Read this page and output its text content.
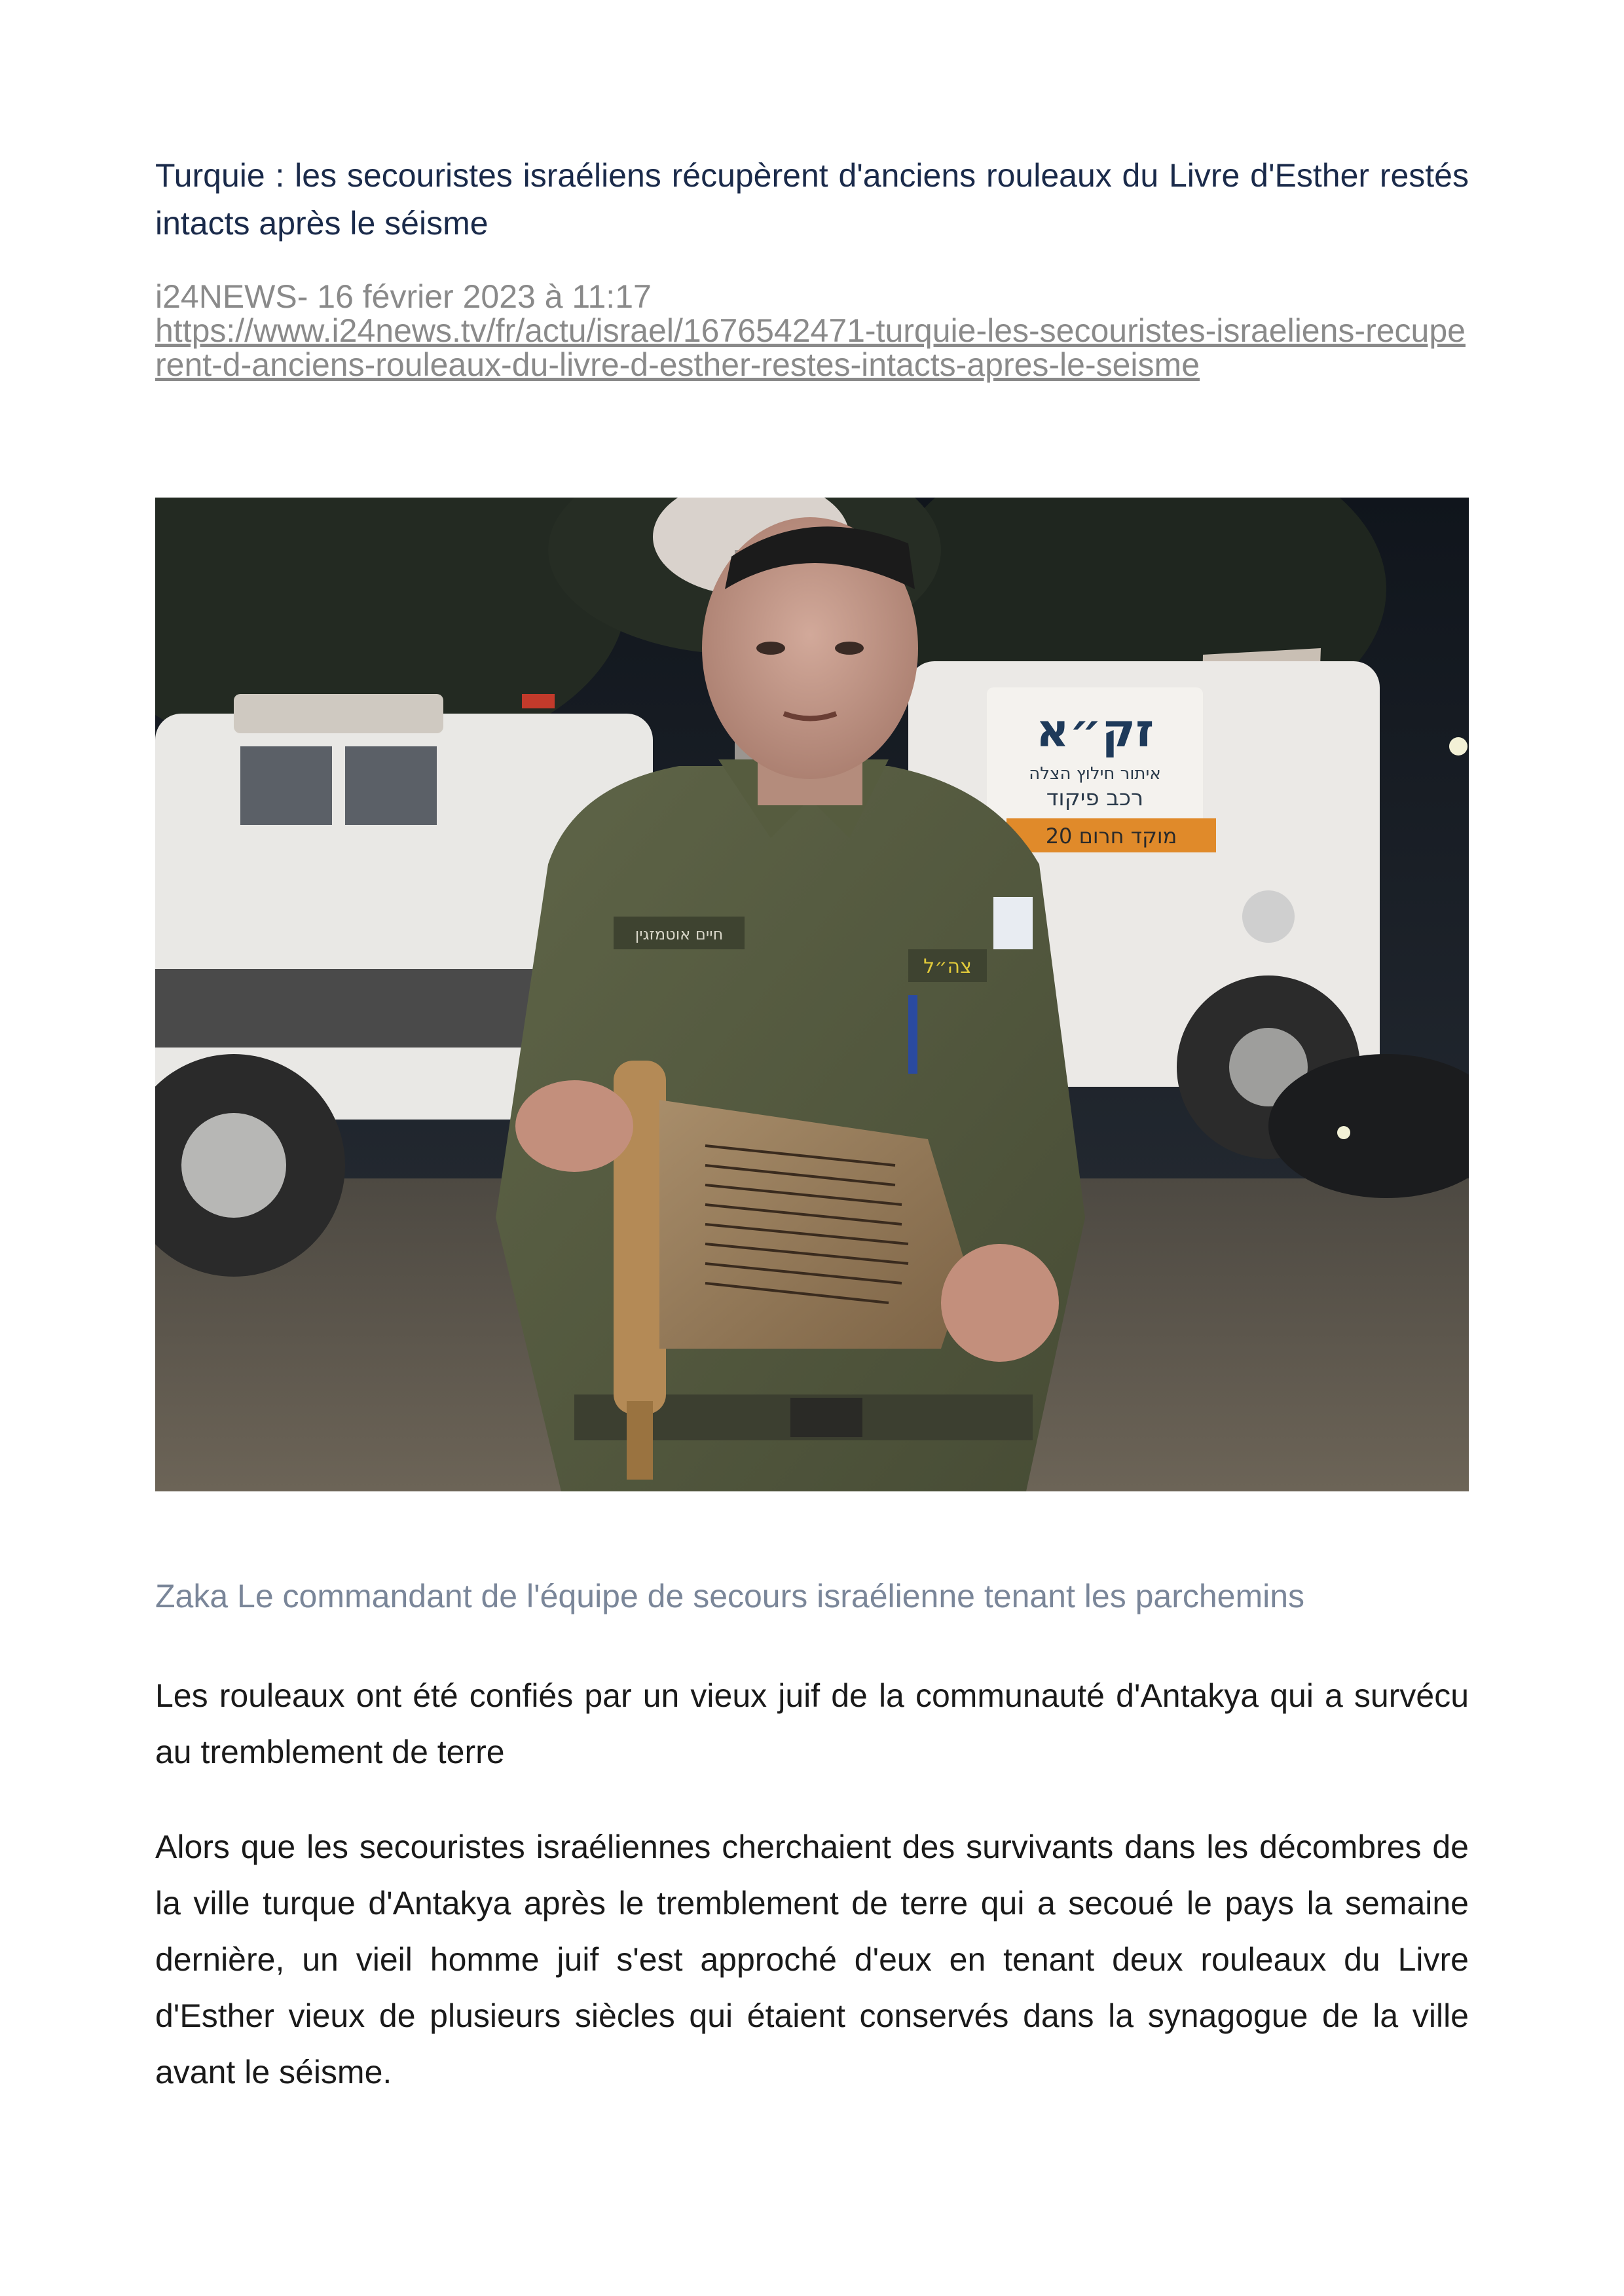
Turquie : les secouristes israéliens récupèrent d'anciens rouleaux du Livre d'Esther restés intacts après le séisme
i24NEWS- 16 février 2023 à 11:17
https://www.i24news.tv/fr/actu/israel/1676542471-turquie-les-secouristes-israeliens-recuperent-d-anciens-rouleaux-du-livre-d-esther-restes-intacts-apres-le-seisme
זק״א
איתור חילוץ הצלה
רכב פיקוד
מוקד חרום 20
חיים אוטמזגין
צה״ל
Zaka Le commandant de l'équipe de secours israélienne tenant les parchemins

Les rouleaux ont été confiés par un vieux juif de la communauté d'Antakya qui a survécu au tremblement de terre

Alors que les secouristes israéliennes cherchaient des survivants dans les décombres de la ville turque d'Antakya après le tremblement de terre qui a secoué le pays la semaine dernière, un vieil homme juif s'est approché d'eux en tenant deux rouleaux du Livre d'Esther vieux de plusieurs siècles qui étaient conservés dans la synagogue de la ville avant le séisme.
